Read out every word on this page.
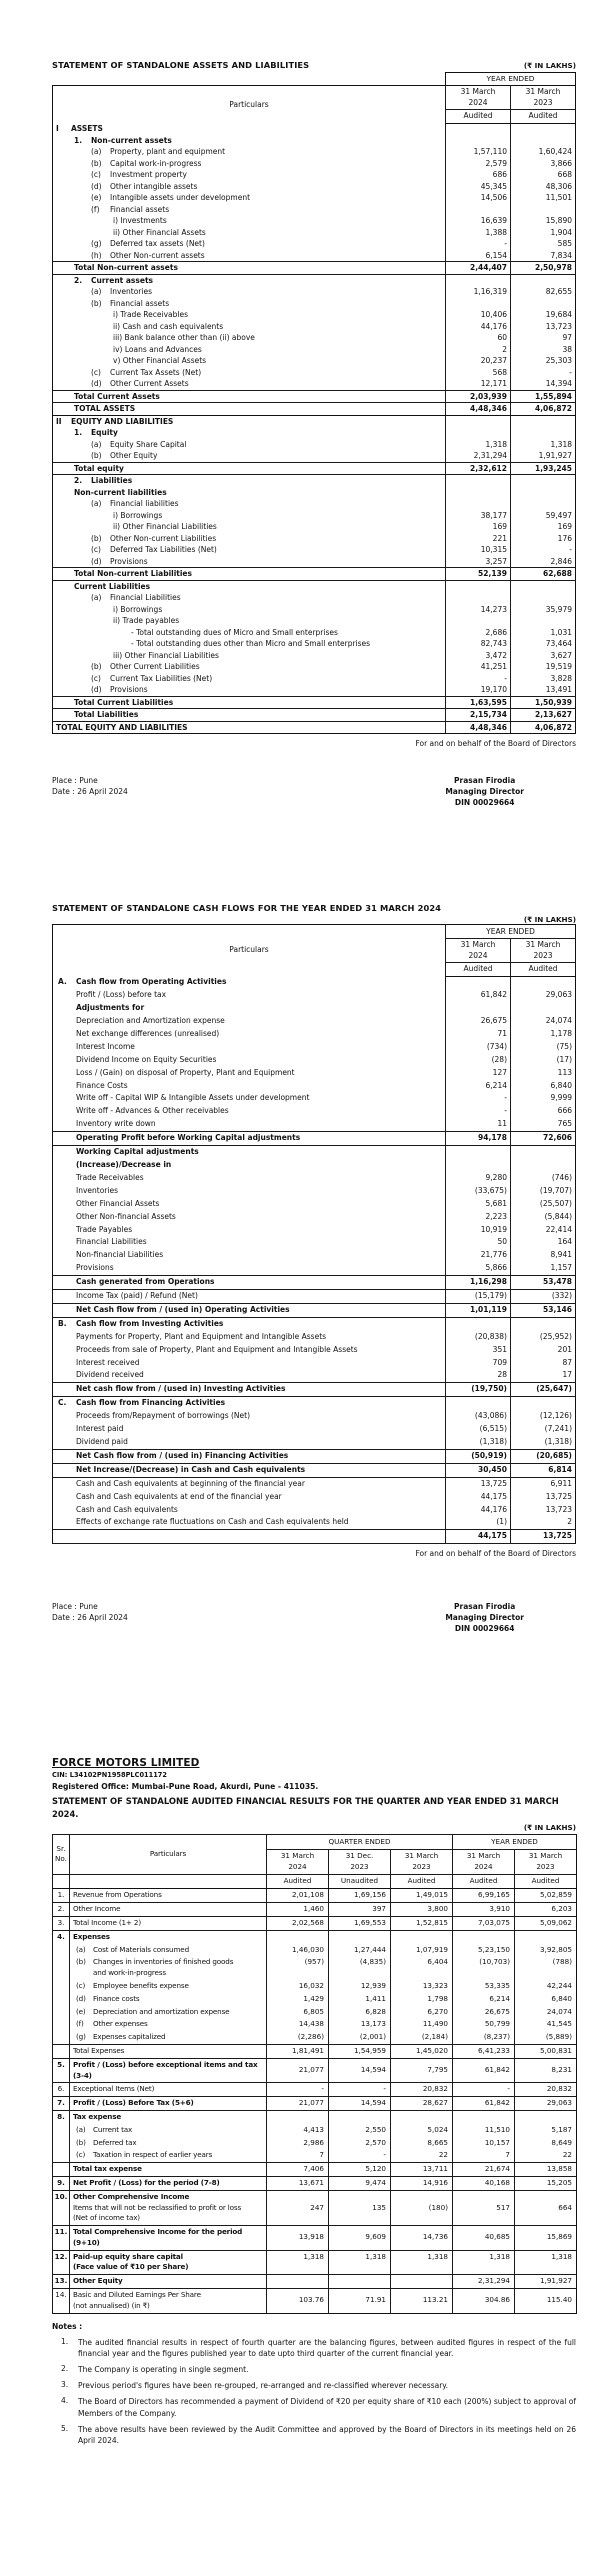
STATEMENT OF STANDALONE ASSETS AND LIABILITIES	(₹ IN LAKHS)
YEAR ENDED
Particulars	
31 March
2024

31 March
2023

	Audited	Audited
I ASSETS		
1. Non-current assets		
(a) Property, plant and equipment	1,57,110	1,60,424
(b) Capital work-in-progress	2,579	3,866
(c) Investment property	686	668
(d) Other intangible assets	45,345	48,306
(e) Intangible assets under development	14,506	11,501
(f) Financial assets		
i) Investments	16,639	15,890
ii) Other Financial Assets	1,388	1,904
(g) Deferred tax assets (Net)	-	585
(h) Other Non-current assets	6,154	7,834
Total Non-current assets	2,44,407	2,50,978
2. Current assets		
(a) Inventories	1,16,319	82,655
(b) Financial assets		
i) Trade Receivables	10,406	19,684
ii) Cash and cash equivalents	44,176	13,723
iii) Bank balance other than (ii) above	60	97
iv) Loans and Advances	2	38
v) Other Financial Assets	20,237	25,303
(c) Current Tax Assets (Net)	568	-
(d) Other Current Assets	12,171	14,394
Total Current Assets	2,03,939	1,55,894
TOTAL ASSETS	4,48,346	4,06,872
II EQUITY AND LIABILITIES		
1. Equity		
(a) Equity Share Capital	1,318	1,318
(b) Other Equity	2,31,294	1,91,927
Total equity	2,32,612	1,93,245
2. Liabilities		
Non-current liabilities		
(a) Financial liabilities		
i) Borrowings	38,177	59,497
ii) Other Financial Liabilities	169	169
(b) Other Non-current Liabilities	221	176
(c) Deferred Tax Liabilities (Net)	10,315	-
(d) Provisions	3,257	2,846
Total Non-current Liabilities	52,139	62,688
Current Liabilities		
(a) Financial Liabilities		
i) Borrowings	14,273	35,979
ii) Trade payables		
- Total outstanding dues of Micro and Small enterprises	2,686	1,031
- Total outstanding dues other than Micro and Small enterprises	82,743	73,464
iii) Other Financial Liabilities	3,472	3,627
(b) Other Current Liabilities	41,251	19,519
(c) Current Tax Liabilities (Net)	-	3,828
(d) Provisions	19,170	13,491
Total Current Liabilities	1,63,595	1,50,939
Total Liabilities	2,15,734	2,13,627
TOTAL EQUITY AND LIABILITIES	4,48,346	4,06,872
For and on behalf of the Board of Directors
Place : Pune
Date : 26 April 2024
Prasan Firodia
Managing Director
DIN 00029664
STATEMENT OF STANDALONE CASH FLOWS FOR THE YEAR ENDED 31 MARCH 2024
(₹ IN LAKHS)
Particulars	YEAR ENDED	

31 March
2024

31 March
2023

	Audited	Audited
A. Cash flow from Operating Activities		
Profit / (Loss) before tax	61,842	29,063
Adjustments for		
Depreciation and Amortization expense	26,675	24,074
Net exchange differences (unrealised)	71	1,178
Interest Income	(734)	(75)
Dividend Income on Equity Securities	(28)	(17)
Loss / (Gain) on disposal of Property, Plant and Equipment	127	113
Finance Costs	6,214	6,840
Write off - Capital WIP & Intangible Assets under development	-	9,999
Write off - Advances & Other receivables	-	666
Inventory write down	11	765
Operating Profit before Working Capital adjustments	94,178	72,606
Working Capital adjustments		
(Increase)/Decrease in		
Trade Receivables	9,280	(746)
Inventories	(33,675)	(19,707)
Other Financial Assets	5,681	(25,507)
Other Non-financial Assets	2,223	(5,844)
Trade Payables	10,919	22,414
Financial Liabilities	50	164
Non-financial Liabilities	21,776	8,941
Provisions	5,866	1,157
Cash generated from Operations	1,16,298	53,478
Income Tax (paid) / Refund (Net)	(15,179)	(332)
Net Cash flow from / (used in) Operating Activities	1,01,119	53,146
B. Cash flow from Investing Activities		
Payments for Property, Plant and Equipment and Intangible Assets	(20,838)	(25,952)
Proceeds from sale of Property, Plant and Equipment and Intangible Assets	351	201
Interest received	709	87
Dividend received	28	17
Net cash flow from / (used in) Investing Activities	(19,750)	(25,647)
C. Cash flow from Financing Activities		
Proceeds from/Repayment of borrowings (Net)	(43,086)	(12,126)
Interest paid	(6,515)	(7,241)
Dividend paid	(1,318)	(1,318)
Net Cash flow from / (used in) Financing Activities	(50,919)	(20,685)
Net Increase/(Decrease) in Cash and Cash equivalents	30,450	6,814
Cash and Cash equivalents at beginning of the financial year	13,725	6,911
Cash and Cash equivalents at end of the financial year	44,175	13,725
Cash and Cash equivalents	44,176	13,723
Effects of exchange rate fluctuations on Cash and Cash equivalents held	(1)	2
	44,175	13,725
For and on behalf of the Board of Directors
Place : Pune
Date : 26 April 2024
Prasan Firodia
Managing Director
DIN 00029664
FORCE MOTORS LIMITED
CIN: L34102PN1958PLC011172
Registered Office: Mumbai-Pune Road, Akurdi, Pune - 411035.
STATEMENT OF STANDALONE AUDITED FINANCIAL RESULTS FOR THE QUARTER AND YEAR ENDED 31 MARCH 2024.
(₹ IN LAKHS)
Sr.
No.	Particulars	QUARTER ENDED			YEAR ENDED	

31 March
2024

31 Dec.
2023

31 March
2023

31 March
2024

31 March
2023

		Audited	Unaudited	Audited	Audited	Audited
1.	Revenue from Operations	2,01,108	1,69,156	1,49,015	6,99,165	5,02,859
2.	Other Income	1,460	397	3,800	3,910	6,203
3.	Total Income (1+ 2)	2,02,568	1,69,553	1,52,815	7,03,075	5,09,062
4.	Expenses					
	(a) Cost of Materials consumed	1,46,030	1,27,444	1,07,919	5,23,150	3,92,805
	(b) Changes in inventories of finished goods
and work-in-progress	(957)	(4,835)	6,404	(10,703)	(788)
	(c) Employee benefits expense	16,032	12,939	13,323	53,335	42,244
	(d) Finance costs	1,429	1,411	1,798	6,214	6,840
	(e) Depreciation and amortization expense	6,805	6,828	6,270	26,675	24,074
	(f) Other expenses	14,438	13,173	11,490	50,799	41,545
	(g) Expenses capitalized	(2,286)	(2,001)	(2,184)	(8,237)	(5,889)
	Total Expenses	1,81,491	1,54,959	1,45,020	6,41,233	5,00,831
5.	Profit / (Loss) before exceptional items and tax
(3-4)	21,077	14,594	7,795	61,842	8,231
6.	Exceptional Items (Net)	-	-	20,832	-	20,832
7.	Profit / (Loss) Before Tax (5+6)	21,077	14,594	28,627	61,842	29,063
8.	Tax expense					
	(a) Current tax	4,413	2,550	5,024	11,510	5,187
	(b) Deferred tax	2,986	2,570	8,665	10,157	8,649
	(c) Taxation in respect of earlier years	7	-	22	7	22
	Total tax expense	7,406	5,120	13,711	21,674	13,858
9.	Net Profit / (Loss) for the period (7-8)	13,671	9,474	14,916	40,168	15,205
10.	Other Comprehensive Income
Items that will not be reclassified to profit or loss
(Net of income tax)	247	135	(180)	517	664
11.	Total Comprehensive Income for the period
(9+10)	13,918	9,609	14,736	40,685	15,869
12.	Paid-up equity share capital
(Face value of ₹10 per Share)	1,318	1,318	1,318	1,318	1,318
13.	Other Equity				2,31,294	1,91,927
14.	Basic and Diluted Earnings Per Share
(not annualised) (in ₹)	103.76	71.91	113.21	304.86	115.40
Notes :
1.	The audited financial results in respect of fourth quarter are the balancing figures, between audited figures in respect of the full financial year and the figures published year to date upto third quarter of the current financial year.
2.	The Company is operating in single segment.
3.	Previous period's figures have been re-grouped, re-arranged and re-classified wherever necessary.
4.	The Board of Directors has recommended a payment of Dividend of ₹20 per equity share of ₹10 each (200%) subject to approval of Members of the Company.
5.	The above results have been reviewed by the Audit Committee and approved by the Board of Directors in its meetings held on 26 April 2024.
